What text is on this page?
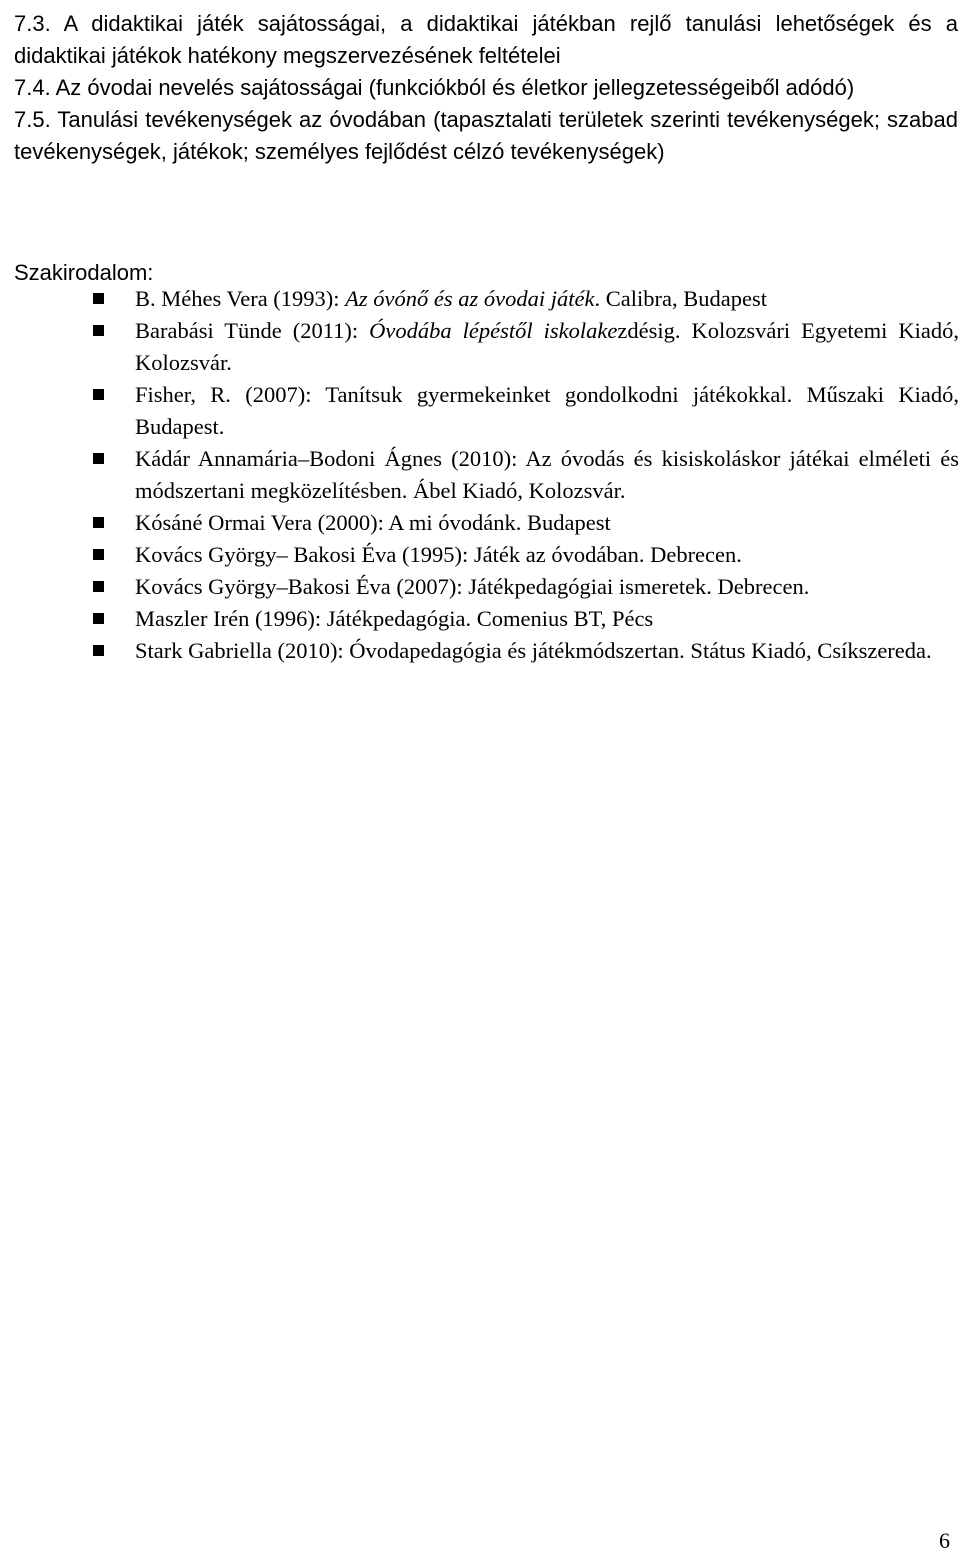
7.3. A didaktikai játék sajátosságai, a didaktikai játékban rejlő tanulási lehetőségek és a didaktikai játékok hatékony megszervezésének feltételei

7.4. Az óvodai nevelés sajátosságai (funkciókból és életkor jellegzetességeiből adódó)

7.5. Tanulási tevékenységek az óvodában (tapasztalati területek szerinti tevékenységek; szabad tevékenységek, játékok; személyes fejlődést célzó tevékenységek)

Szakirodalom:
B. Méhes Vera (1993): Az óvónő és az óvodai játék. Calibra, Budapest
Barabási Tünde (2011): Óvodába lépéstől iskolakezdésig. Kolozsvári Egyetemi Kiadó, Kolozsvár.
Fisher, R. (2007): Tanítsuk gyermekeinket gondolkodni játékokkal. Műszaki Kiadó, Budapest.
Kádár Annamária–Bodoni Ágnes (2010): Az óvodás és kisiskoláskor játékai elméleti és módszertani megközelítésben. Ábel Kiadó, Kolozsvár.
Kósáné Ormai Vera (2000): A mi óvodánk. Budapest
Kovács György– Bakosi Éva (1995): Játék az óvodában. Debrecen.
Kovács György–Bakosi Éva (2007): Játékpedagógiai ismeretek. Debrecen.
Maszler Irén (1996): Játékpedagógia. Comenius BT, Pécs
Stark Gabriella (2010): Óvodapedagógia és játékmódszertan. Státus Kiadó, Csíkszereda.
6
